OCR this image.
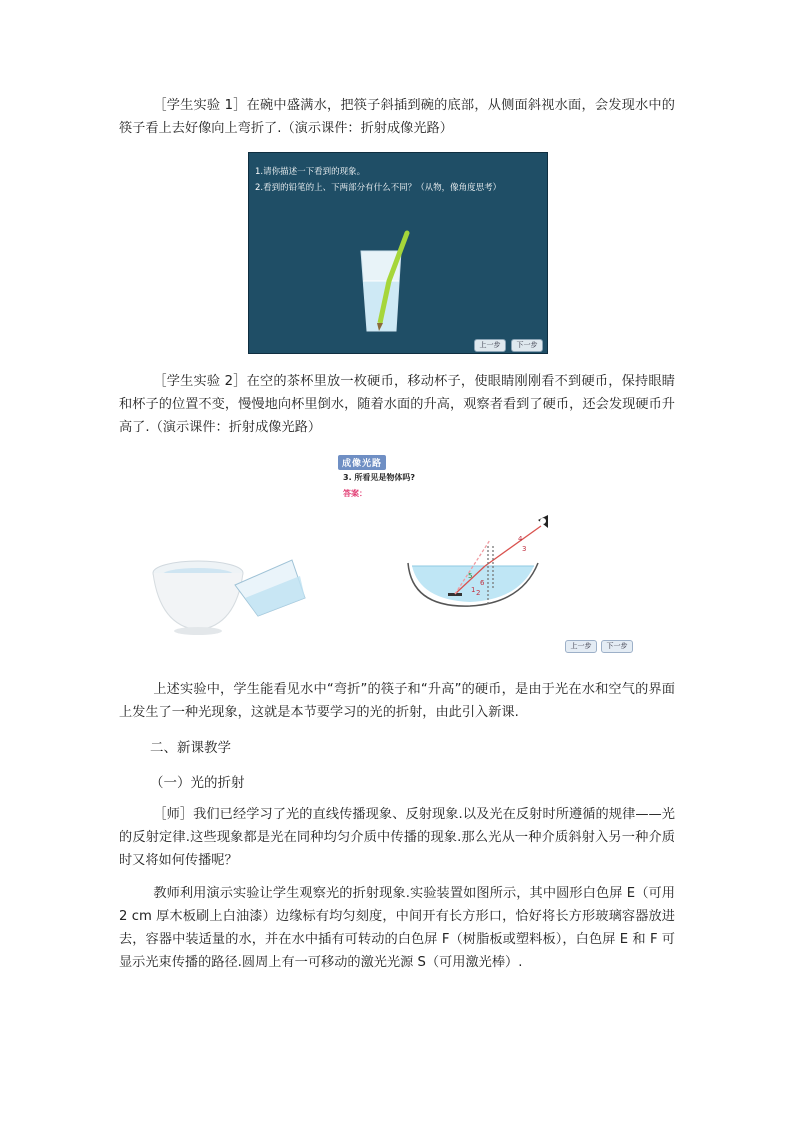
［学生实验 1］在碗中盛满水，把筷子斜插到碗的底部，从侧面斜视水面，会发现水中的筷子看上去好像向上弯折了.（演示课件：折射成像光路）

1.请你描述一下看到的现象。
2.看到的铅笔的上、下两部分有什么不同？（从物，像角度思考）
上一步	下一步

［学生实验 2］在空的茶杯里放一枚硬币，移动杯子，使眼睛刚刚看不到硬币，保持眼睛和杯子的位置不变，慢慢地向杯里倒水，随着水面的升高，观察者看到了硬币，还会发现硬币升高了.（演示课件：折射成像光路）

成像光路
3. 所看见是物体吗?
答案：
4
3
5
6
2
1
上一步	下一步

上述实验中，学生能看见水中“弯折”的筷子和“升高”的硬币，是由于光在水和空气的界面上发生了一种光现象，这就是本节要学习的光的折射，由此引入新课.

二、新课教学

（一）光的折射

［师］我们已经学习了光的直线传播现象、反射现象.以及光在反射时所遵循的规律——光的反射定律.这些现象都是光在同种均匀介质中传播的现象.那么光从一种介质斜射入另一种介质时又将如何传播呢？

教师利用演示实验让学生观察光的折射现象.实验装置如图所示，其中圆形白色屏 E（可用 2 cm 厚木板刷上白油漆）边缘标有均匀刻度，中间开有长方形口，恰好将长方形玻璃容器放进去，容器中装适量的水，并在水中插有可转动的白色屏 F（树脂板或塑料板），白色屏 E 和 F 可显示光束传播的路径.圆周上有一可移动的激光光源 S（可用激光棒）.
